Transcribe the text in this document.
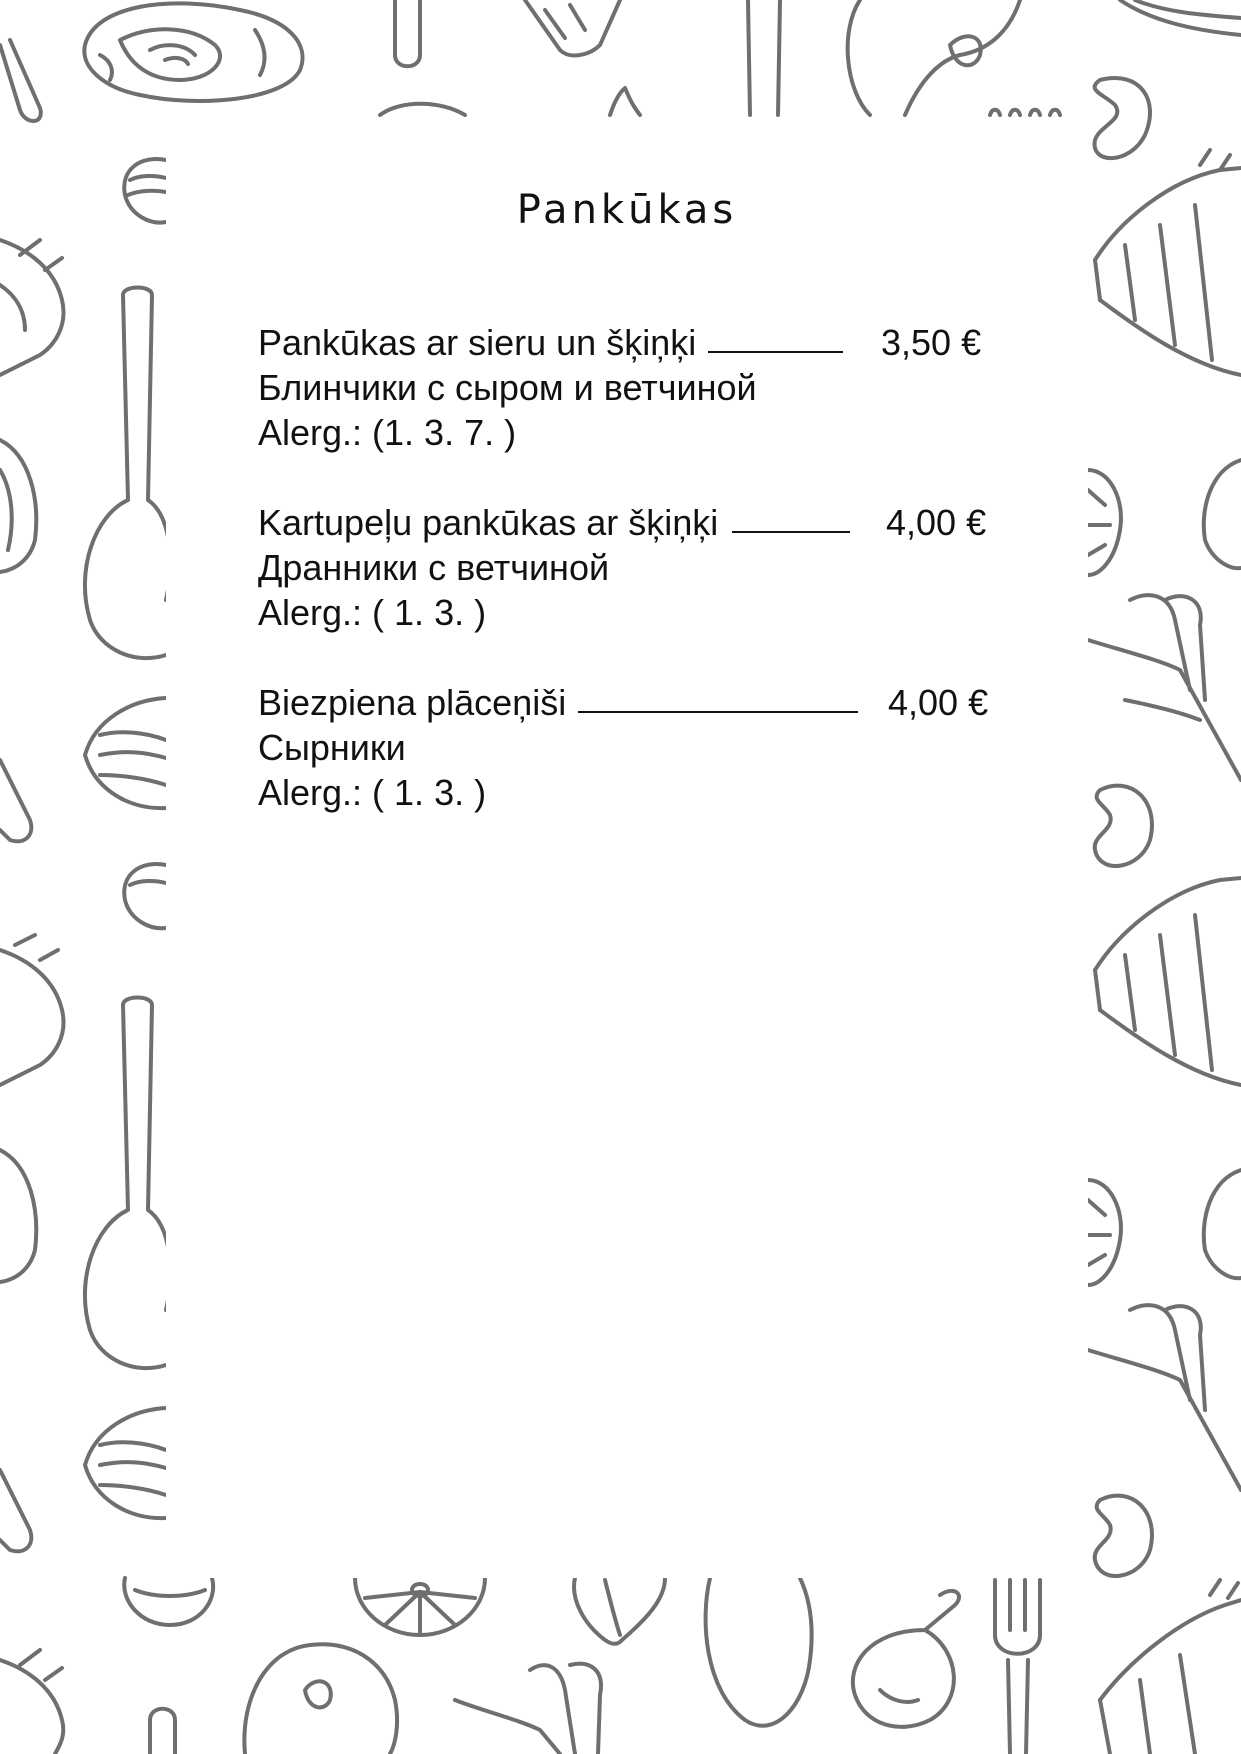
Pankūkas
Pankūkas ar sieru un šķiņķi	3,50 €
Блинчики с сыром и ветчиной
Alerg.: (1. 3. 7. )
Kartupeļu pankūkas ar šķiņķi	4,00 €
Дранники с ветчиной
Alerg.: ( 1. 3. )
Biezpiena plāceņiši	4,00 €
Сырники
Alerg.: ( 1. 3. )
